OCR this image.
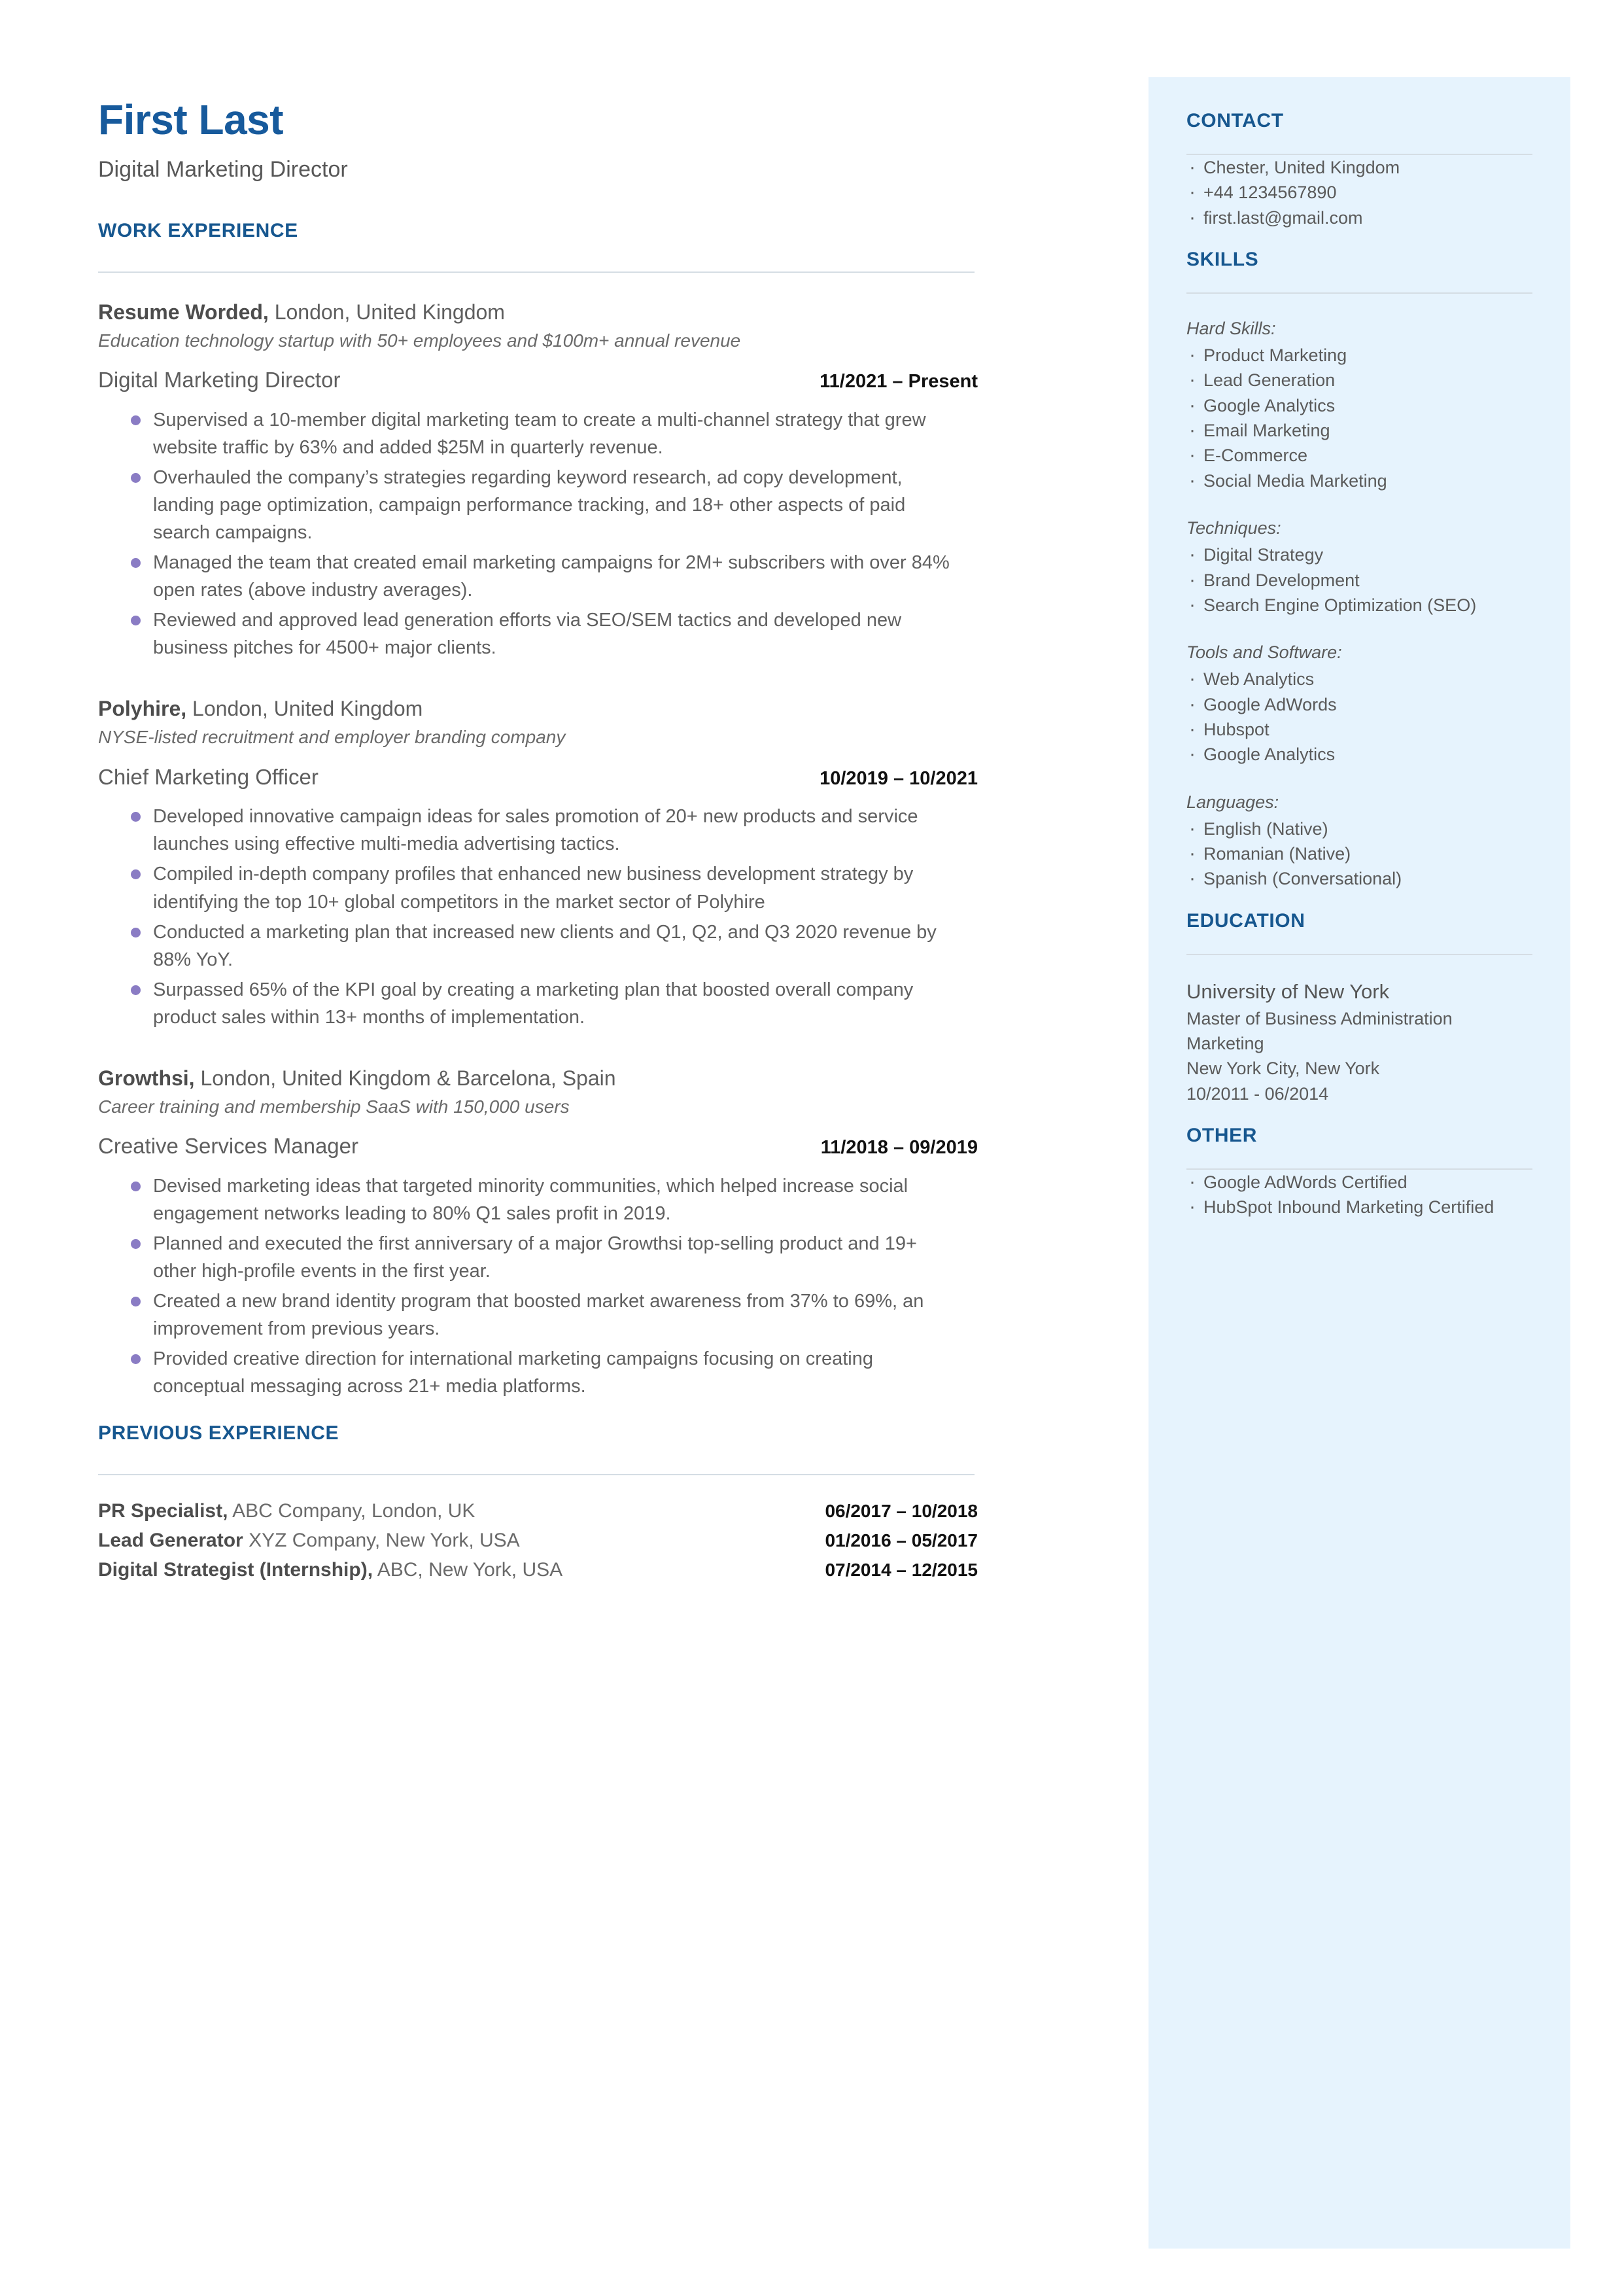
CONTACT
· Chester, United Kingdom
· +44 1234567890
· first.last@gmail.com
SKILLS

Hard Skills:

· Product Marketing
· Lead Generation
· Google Analytics
· Email Marketing
· E-Commerce
· Social Media Marketing

Techniques:

· Digital Strategy
· Brand Development
· Search Engine Optimization (SEO)

Tools and Software:

· Web Analytics
· Google AdWords
· Hubspot
· Google Analytics

Languages:

· English (Native)
· Romanian (Native)
· Spanish (Conversational)
EDUCATION

University of New York

Master of Business Administration

Marketing

New York City, New York

10/2011 - 06/2014

OTHER
· Google AdWords Certified
· HubSpot Inbound Marketing Certified
First Last

Digital Marketing Director

WORK EXPERIENCE

Resume Worded, London, United Kingdom

Education technology startup with 50+ employees and $100m+ annual revenue

Digital Marketing Director	11/2021 – Present
Supervised a 10-member digital marketing team to create a multi-channel strategy that grew website traffic by 63% and added $25M in quarterly revenue.
Overhauled the company’s strategies regarding keyword research, ad copy development, landing page optimization, campaign performance tracking, and 18+ other aspects of paid search campaigns.
Managed the team that created email marketing campaigns for 2M+ subscribers with over 84% open rates (above industry averages).
Reviewed and approved lead generation efforts via SEO/SEM tactics and developed new business pitches for 4500+ major clients.

Polyhire, London, United Kingdom

NYSE-listed recruitment and employer branding company

Chief Marketing Officer	10/2019 – 10/2021
Developed innovative campaign ideas for sales promotion of 20+ new products and service launches using effective multi-media advertising tactics.
Compiled in-depth company profiles that enhanced new business development strategy by identifying the top 10+ global competitors in the market sector of Polyhire
Conducted a marketing plan that increased new clients and Q1, Q2, and Q3 2020 revenue by 88% YoY.
Surpassed 65% of the KPI goal by creating a marketing plan that boosted overall company product sales within 13+ months of implementation.

Growthsi, London, United Kingdom & Barcelona, Spain

Career training and membership SaaS with 150,000 users

Creative Services Manager	11/2018 – 09/2019
Devised marketing ideas that targeted minority communities, which helped increase social engagement networks leading to 80% Q1 sales profit in 2019.
Planned and executed the first anniversary of a major Growthsi top-selling product and 19+ other high-profile events in the first year.
Created a new brand identity program that boosted market awareness from 37% to 69%, an improvement from previous years.
Provided creative direction for international marketing campaigns focusing on creating conceptual messaging across 21+ media platforms.
PREVIOUS EXPERIENCE
PR Specialist, ABC Company, London, UK	06/2017 – 10/2018
Lead Generator XYZ Company, New York, USA	01/2016 – 05/2017
Digital Strategist (Internship), ABC, New York, USA	07/2014 – 12/2015
